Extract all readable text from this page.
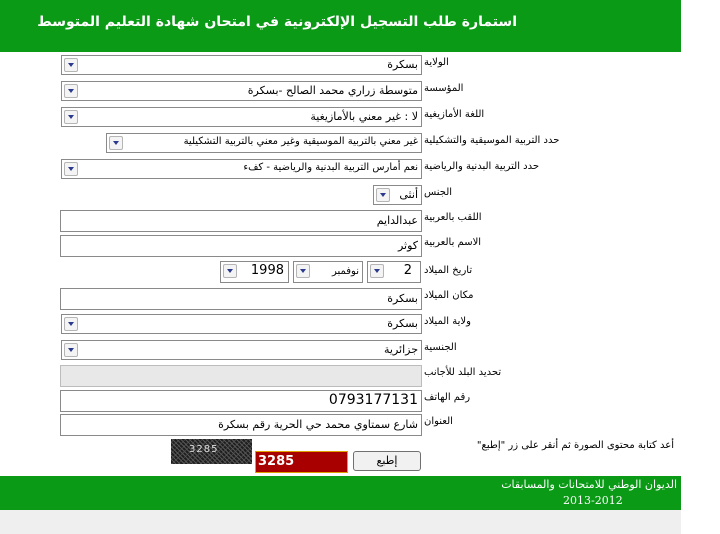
استمارة طلب التسجيل الإلكترونية في امتحان شهادة التعليم المتوسط
بسكرة الولاية
متوسطة زراري محمد الصالح -بسكرة المؤسسة
لا : غير معني بالأمازيغية اللغة الأمازيغية
غير معني بالتربية الموسيقية وغير معني بالتربية التشكيلية حدد التربية الموسيقية والتشكيلية
نعم أمارس التربية البدنية والرياضية - كفء حدد التربية البدنية والرياضية
أنثى الجنس
عبدالدايم اللقب بالعربية
كوثر الاسم بالعربية
1998	نوفمبر	2 تاريخ الميلاد
بسكرة مكان الميلاد
بسكرة ولاية الميلاد
جزائرية الجنسية
تحديد البلد للأجانب
0793177131 رقم الهاتف
شارع سمتاوي محمد حي الحرية رقم بسكرة العنوان
3285
3285	إطبع
أعد كتابة محتوى الصورة ثم أنقر على زر "إطبع"
الديوان الوطني للامتحانات والمسابقات
2013-2012
